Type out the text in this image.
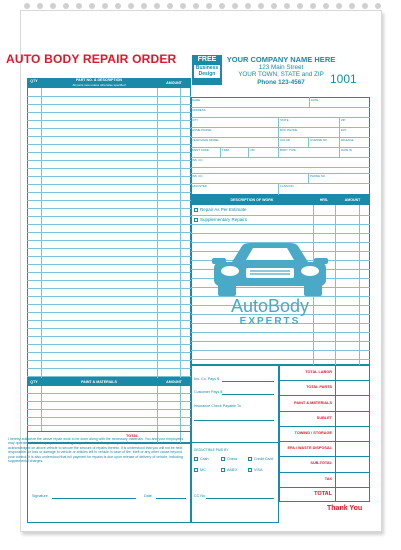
AUTO BODY REPAIR ORDER	FREE
Business Design
YOUR COMPANY NAME HERE
123 Main Street
YOUR TOWN, STATE and ZIP
Phone 123-4567	1001
QTY	PART NO. & DESCRIPTION
All parts new unless otherwise specified	AMOUNT
QTY	PAINT & MATERIALS	AMOUNT
TOTAL
I hereby authorize the above repair work to be done along with the necessary materials. You and your employees may operate vehicle for purpose of testing, inspection, or delivery at my risk. An express mechanics lien is acknowledged on above vehicle to secure the amount of repairs thereto. It is understood that you will not be held responsible for loss or damage to vehicle or articles left in vehicle in case of fire, theft or any other cause beyond your control. It is also understood that full payment for repairs is due upon release of delivery of vehicle, including supplemental charges.
Signature	Date
NAME	DATE
ADDRESS
CITY	STATE	ZIP
HOME PHONE	BUS. PHONE	EXT
YEAR MAKE MODEL	COLOR	LICENSE NO.	MILEAGE
PAINT CODE	TRIM	VIN	BODY TYPE	DATE IN
INS. CO.
INS. CO.	PHONE NO.
ADJUSTER	CLAIM NO.
DESCRIPTION OF WORK	HRS.	AMOUNT
Repair As Per Estimate
Supplementary Repairs
AutoBody
EXPERTS
Ins. Co. Pays $
Customer Pays $
Insurance Check Payable To
DEDUCTIBLE PAID BY
Cash	Check	Credit Card
MC	AMEX	VISA
CC No.
TOTAL LABOR
TOTAL PARTS
PAINT & MATERIALS
SUBLET
TOWING / STORAGE
EPA / WASTE DISPOSAL
SUB-TOTAL
TAX
TOTAL
Thank You
